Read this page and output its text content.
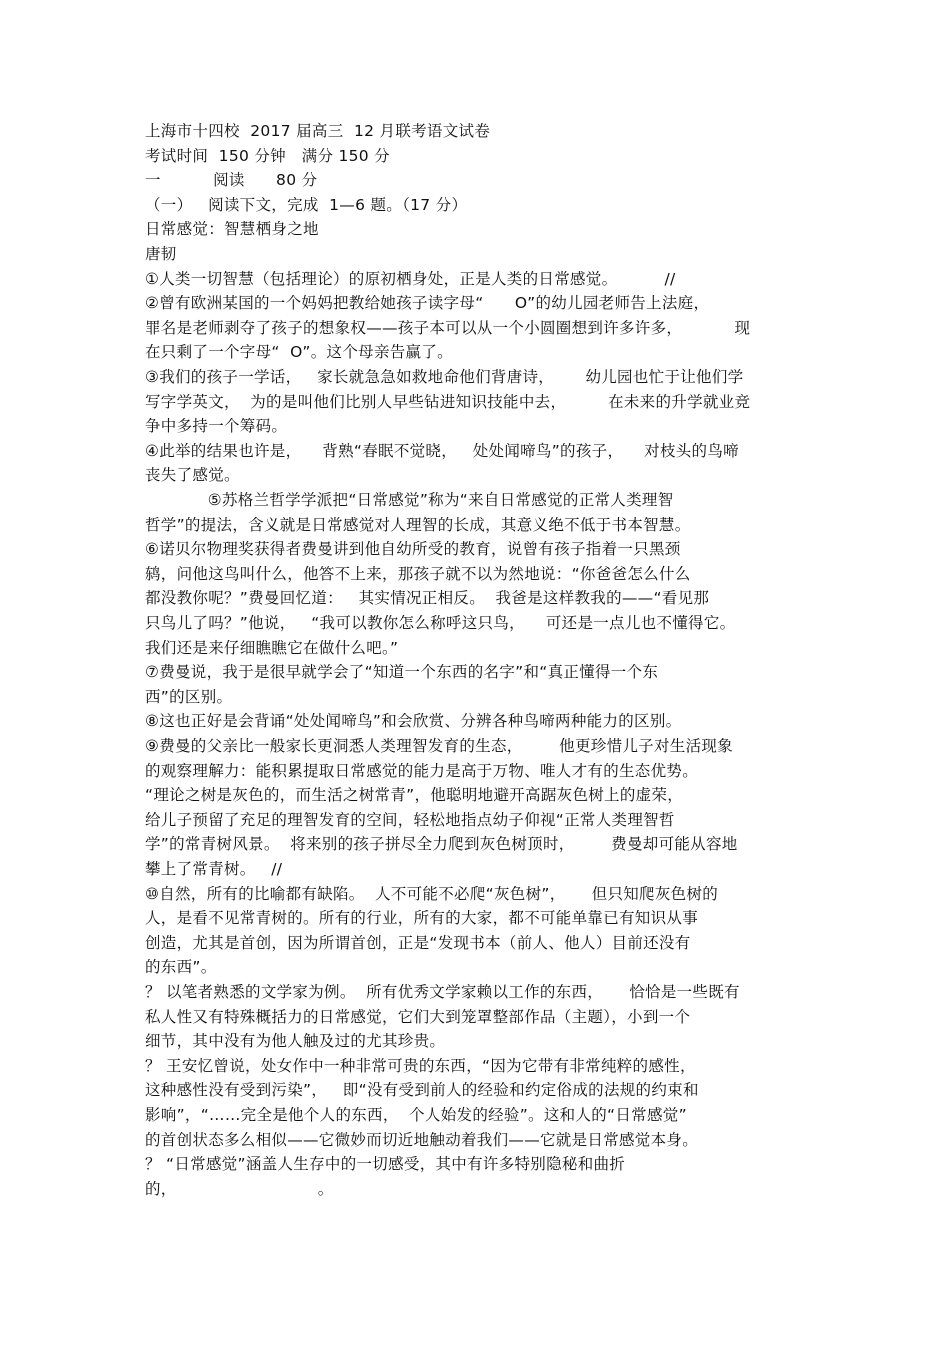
上海市十四校  2017 届高三  12 月联考语文试卷
考试时间  150 分钟   满分 150 分
一          阅读      80 分
（一）   阅读下文，完成  1—6 题。（17 分）
日常感觉：智慧栖身之地
唐韧
①人类一切智慧（包括理论）的原初栖身处，正是人类的日常感觉。         //
②曾有欧洲某国的一个妈妈把教给她孩子读字母“      O”的幼儿园老师告上法庭，
罪名是老师剥夺了孩子的想象权——孩子本可以从一个小圆圈想到许多许多，          现
在只剩了一个字母“  O”。这个母亲告赢了。
③我们的孩子一学话，   家长就急急如救地命他们背唐诗，      幼儿园也忙于让他们学
写字学英文，  为的是叫他们比别人早些钻进知识技能中去，        在未来的升学就业竞
争中多持一个筹码。
④此举的结果也许是，    背熟“春眠不觉晓，   处处闻啼鸟”的孩子，    对枝头的鸟啼
丧失了感觉。
⑤苏格兰哲学学派把“日常感觉”称为“来自日常感觉的正常人类理智
哲学”的提法，含义就是日常感觉对人理智的长成，其意义绝不低于书本智慧。
⑥诺贝尔物理奖获得者费曼讲到他自幼所受的教育，说曾有孩子指着一只黑颈
鸫，问他这鸟叫什么，他答不上来，那孩子就不以为然地说：“你爸爸怎么什么
都没教你呢？”费曼回忆道：   其实情况正相反。  我爸是这样教我的——“看见那
只鸟儿了吗？”他说，   “我可以教你怎么称呼这只鸟，    可还是一点儿也不懂得它。
我们还是来仔细瞧瞧它在做什么吧。”
⑦费曼说，我于是很早就学会了“知道一个东西的名字”和“真正懂得一个东
西”的区别。
⑧这也正好是会背诵“处处闻啼鸟”和会欣赏、分辨各种鸟啼两种能力的区别。
⑨费曼的父亲比一般家长更洞悉人类理智发育的生态，       他更珍惜儿子对生活现象
的观察理解力：能积累提取日常感觉的能力是高于万物、唯人才有的生态优势。
“理论之树是灰色的，而生活之树常青”，他聪明地避开高踞灰色树上的虚荣，
给儿子预留了充足的理智发育的空间，轻松地指点幼子仰视“正常人类理智哲
学”的常青树风景。  将来别的孩子拼尽全力爬到灰色树顶时，       费曼却可能从容地
攀上了常青树。   //
⑩自然，所有的比喻都有缺陷。  人不可能不必爬“灰色树”，     但只知爬灰色树的
人，是看不见常青树的。所有的行业，所有的大家，都不可能单靠已有知识从事
创造，尤其是首创，因为所谓首创，正是“发现书本（前人、他人）目前还没有
的东西”。
？ 以笔者熟悉的文学家为例。  所有优秀文学家赖以工作的东西，     恰恰是一些既有
私人性又有特殊概括力的日常感觉，它们大到笼罩整部作品（主题），小到一个
细节，其中没有为他人触及过的尤其珍贵。
？ 王安忆曾说，处女作中一种非常可贵的东西，“因为它带有非常纯粹的感性，
这种感性没有受到污染”，   即“没有受到前人的经验和约定俗成的法规的约束和
影响”，“……完全是他个人的东西，  个人始发的经验”。这和人的“日常感觉”
的首创状态多么相似——它微妙而切近地触动着我们——它就是日常感觉本身。
？ “日常感觉”涵盖人生存中的一切感受，其中有许多特别隐秘和曲折
的，                           。
